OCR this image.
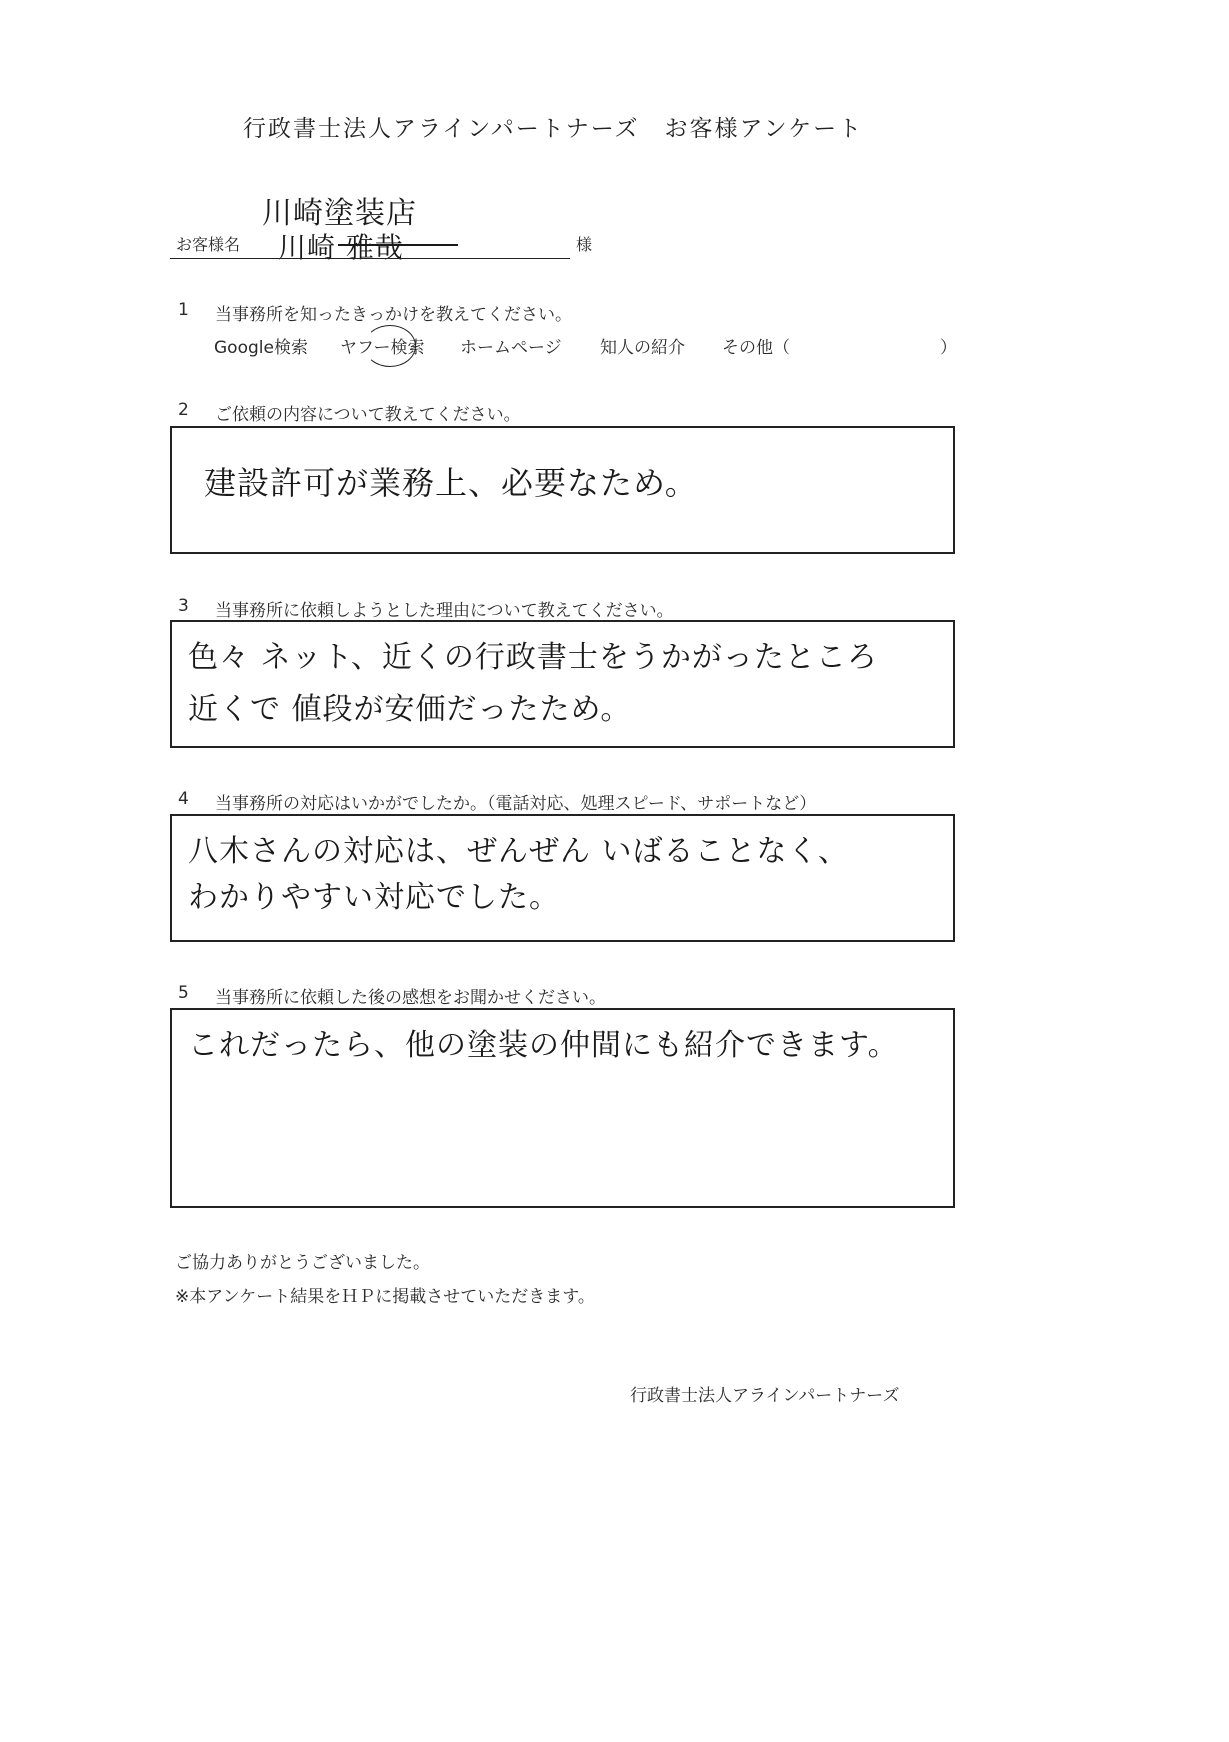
行政書士法人アラインパートナーズ　お客様アンケート
川崎塗装店
お客様名 川崎 雅哉	様
1 当事務所を知ったきっかけを教えてください。
Google検索 ヤフー検索 ホームページ 知人の紹介 その他（	）
2 ご依頼の内容について教えてください。
建設許可が業務上、必要なため。
3 当事務所に依頼しようとした理由について教えてください。
色々 ネット、近くの行政書士をうかがったところ
近くで 値段が安価だったため。
4 当事務所の対応はいかがでしたか。（電話対応、処理スピード、サポートなど）
八木さんの対応は、ぜんぜん いばることなく、
わかりやすい対応でした。
5 当事務所に依頼した後の感想をお聞かせください。
これだったら、他の塗装の仲間にも紹介できます。
ご協力ありがとうございました。
※本アンケート結果をＨＰに掲載させていただきます。
行政書士法人アラインパートナーズ
